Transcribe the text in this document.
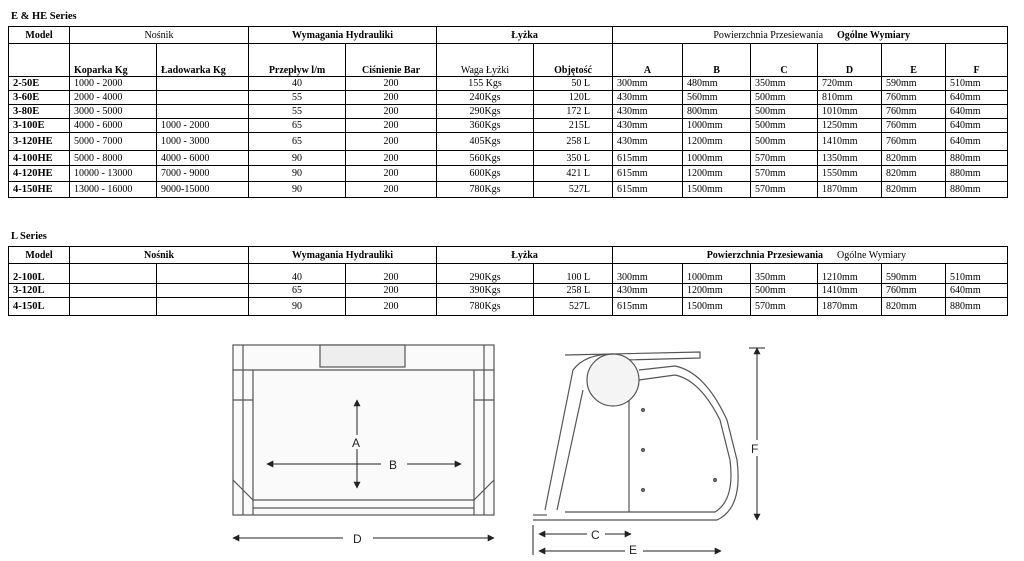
E & HE Series
Model	Nośnik		Wymagania Hydrauliki		Łyżka		Powierzchnia Przesiewania Ogólne Wymiary					

	Koparka Kg	Ładowarka Kg	Przepływ l/m	Ciśnienie Bar	Waga Łyżki	Objętość	A	B	C	D	E	F
2-50E	1000 - 2000		40	200	155 Kgs	50 L	300mm	480mm	350mm	720mm	590mm	510mm
3-60E	2000 - 4000		55	200	240Kgs	120L	430mm	560mm	500mm	810mm	760mm	640mm
3-80E	3000 - 5000		55	200	290Kgs	172 L	430mm	800mm	500mm	1010mm	760mm	640mm
3-100E	4000 - 6000	1000 - 2000	65	200	360Kgs	215L	430mm	1000mm	500mm	1250mm	760mm	640mm
3-120HE	5000 - 7000	1000 - 3000	65	200	405Kgs	258 L	430mm	1200mm	500mm	1410mm	760mm	640mm
4-100HE	5000 - 8000	4000 - 6000	90	200	560Kgs	350 L	615mm	1000mm	570mm	1350mm	820mm	880mm
4-120HE	10000 - 13000	7000 - 9000	90	200	600Kgs	421 L	615mm	1200mm	570mm	1550mm	820mm	880mm
4-150HE	13000 - 16000	9000-15000	90	200	780Kgs	527L	615mm	1500mm	570mm	1870mm	820mm	880mm
L Series
Model	Nośnik		Wymagania Hydrauliki		Łyżka		Powierzchnia Przesiewania Ogólne Wymiary					

2-100L			40	200	290Kgs	100 L	300mm	1000mm	350mm	1210mm	590mm	510mm
3-120L			65	200	390Kgs	258 L	430mm	1200mm	500mm	1410mm	760mm	640mm
4-150L			90	200	780Kgs	527L	615mm	1500mm	570mm	1870mm	820mm	880mm
A
B
D
F
C
E
